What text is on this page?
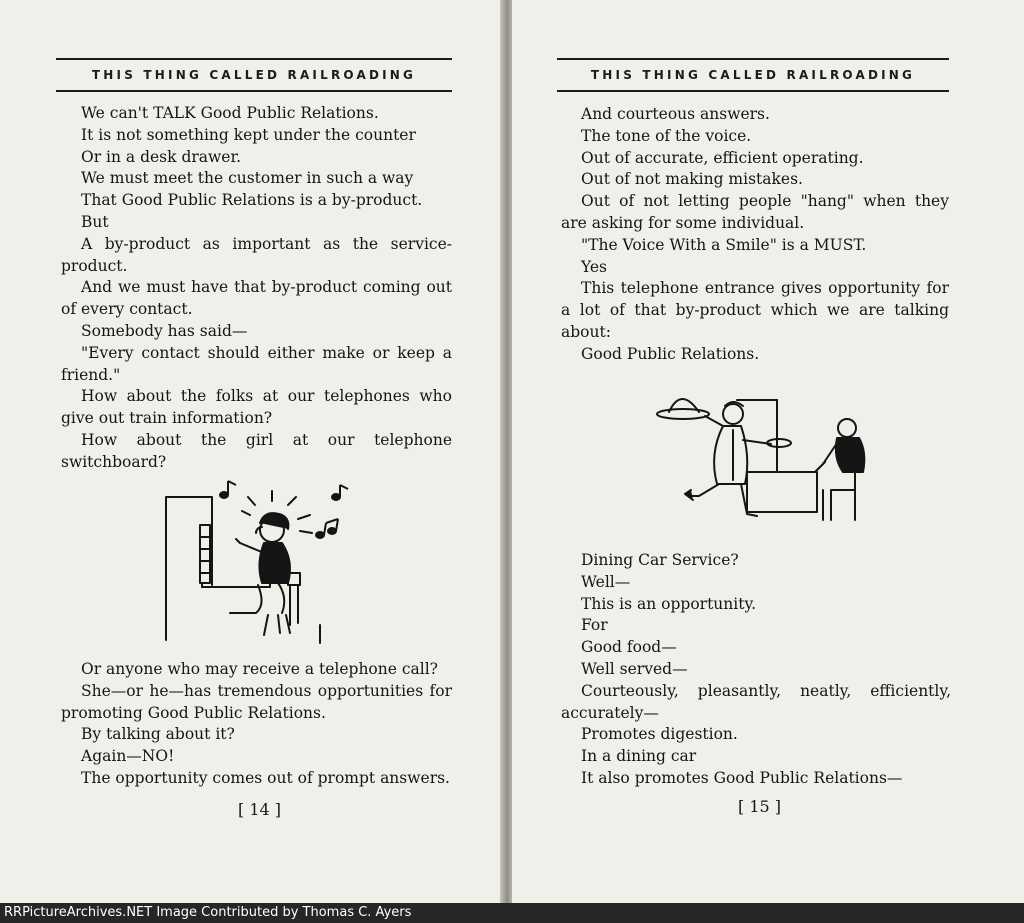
THIS THING CALLED RAILROADING

We can't TALK Good Public Relations.

It is not something kept under the counter

Or in a desk drawer.

We must meet the customer in such a way

That Good Public Relations is a by-product.

But

A by-product as important as the service-product.

And we must have that by-product coming out of every contact.

Somebody has said—

"Every contact should either make or keep a friend."

How about the folks at our telephones who give out train information?

How about the girl at our telephone switchboard?

Or anyone who may receive a telephone call?

She—or he—has tremendous opportunities for promoting Good Public Relations.

By talking about it?

Again—NO!

The opportunity comes out of prompt answers.

[ 14 ]
THIS THING CALLED RAILROADING

And courteous answers.

The tone of the voice.

Out of accurate, efficient operating.

Out of not making mistakes.

Out of not letting people "hang" when they are asking for some individual.

"The Voice With a Smile" is a MUST.

Yes

This telephone entrance gives opportunity for a lot of that by-product which we are talking about:

Good Public Relations.

Dining Car Service?

Well—

This is an opportunity.

For

Good food—

Well served—

Courteously, pleasantly, neatly, efficiently, accurately—

Promotes digestion.

In a dining car

It also promotes Good Public Relations—

[ 15 ]
RRPictureArchives.NET Image Contributed by Thomas C. Ayers
